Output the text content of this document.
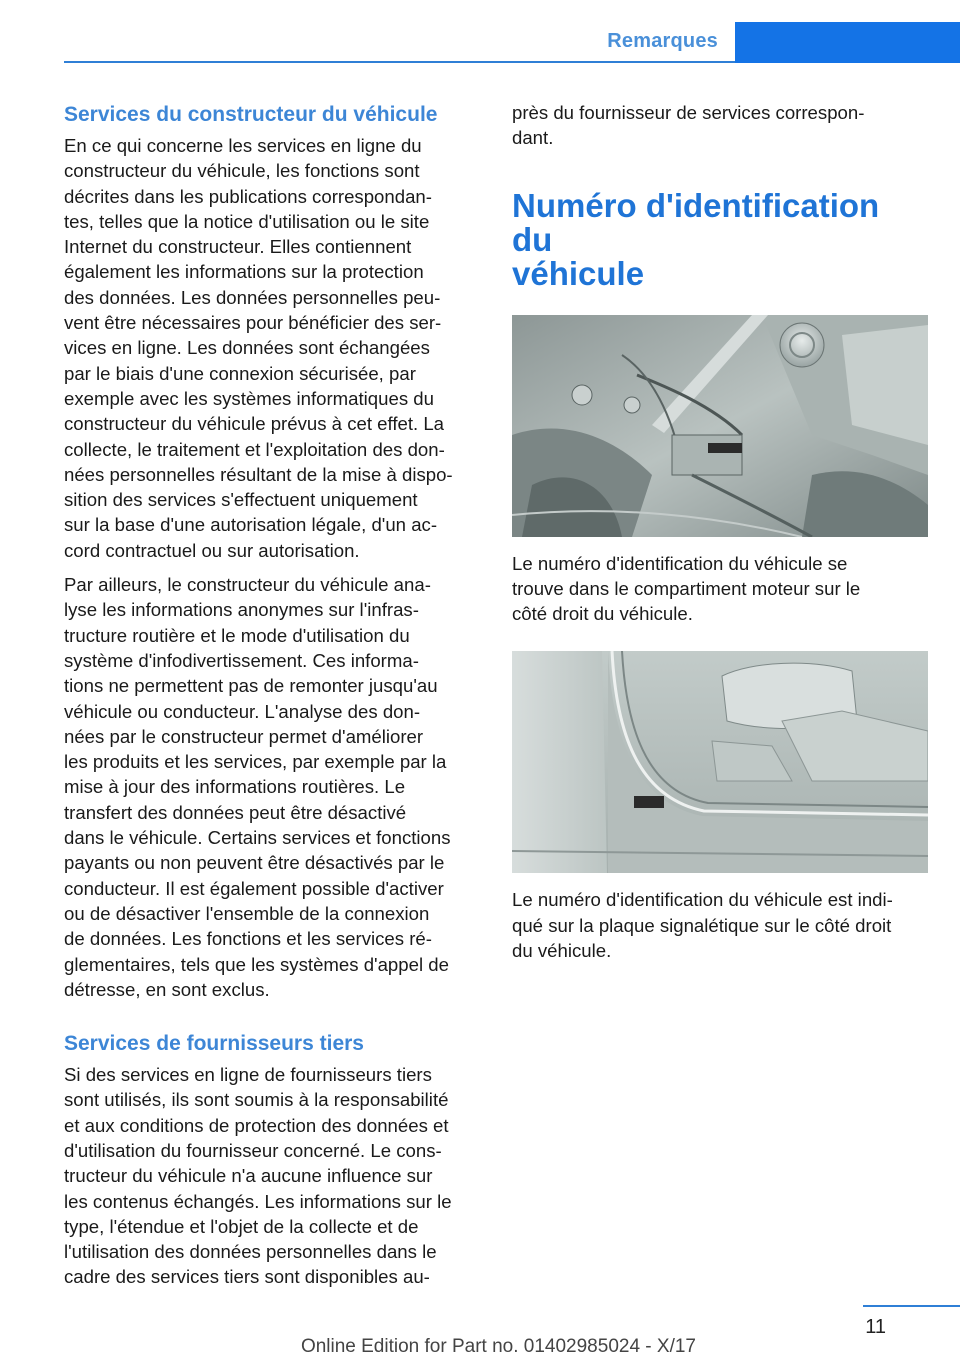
Remarques
Services du constructeur du véhicule
En ce qui concerne les services en ligne du
constructeur du véhicule, les fonctions sont
décrites dans les publications correspondan‐
tes, telles que la notice d'utilisation ou le site
Internet du constructeur. Elles contiennent
également les informations sur la protection
des données. Les données personnelles peu‐
vent être nécessaires pour bénéficier des ser‐
vices en ligne. Les données sont échangées
par le biais d'une connexion sécurisée, par
exemple avec les systèmes informatiques du
constructeur du véhicule prévus à cet effet. La
collecte, le traitement et l'exploitation des don‐
nées personnelles résultant de la mise à dispo‐
sition des services s'effectuent uniquement
sur la base d'une autorisation légale, d'un ac‐
cord contractuel ou sur autorisation.
Par ailleurs, le constructeur du véhicule ana‐
lyse les informations anonymes sur l'infras‐
tructure routière et le mode d'utilisation du
système d'infodivertissement. Ces informa‐
tions ne permettent pas de remonter jusqu'au
véhicule ou conducteur. L'analyse des don‐
nées par le constructeur permet d'améliorer
les produits et les services, par exemple par la
mise à jour des informations routières. Le
transfert des données peut être désactivé
dans le véhicule. Certains services et fonctions
payants ou non peuvent être désactivés par le
conducteur. Il est également possible d'activer
ou de désactiver l'ensemble de la connexion
de données. Les fonctions et les services ré‐
glementaires, tels que les systèmes d'appel de
détresse, en sont exclus.
Services de fournisseurs tiers
Si des services en ligne de fournisseurs tiers
sont utilisés, ils sont soumis à la responsabilité
et aux conditions de protection des données et
d'utilisation du fournisseur concerné. Le cons‐
tructeur du véhicule n'a aucune influence sur
les contenus échangés. Les informations sur le
type, l'étendue et l'objet de la collecte et de
l'utilisation des données personnelles dans le
cadre des services tiers sont disponibles au‐
près du fournisseur de services correspon‐
dant.
Numéro d'identification du
véhicule
Le numéro d'identification du véhicule se
trouve dans le compartiment moteur sur le
côté droit du véhicule.
Le numéro d'identification du véhicule est indi‐
qué sur la plaque signalétique sur le côté droit
du véhicule.
11
Online Edition for Part no. 01402985024 - X/17
